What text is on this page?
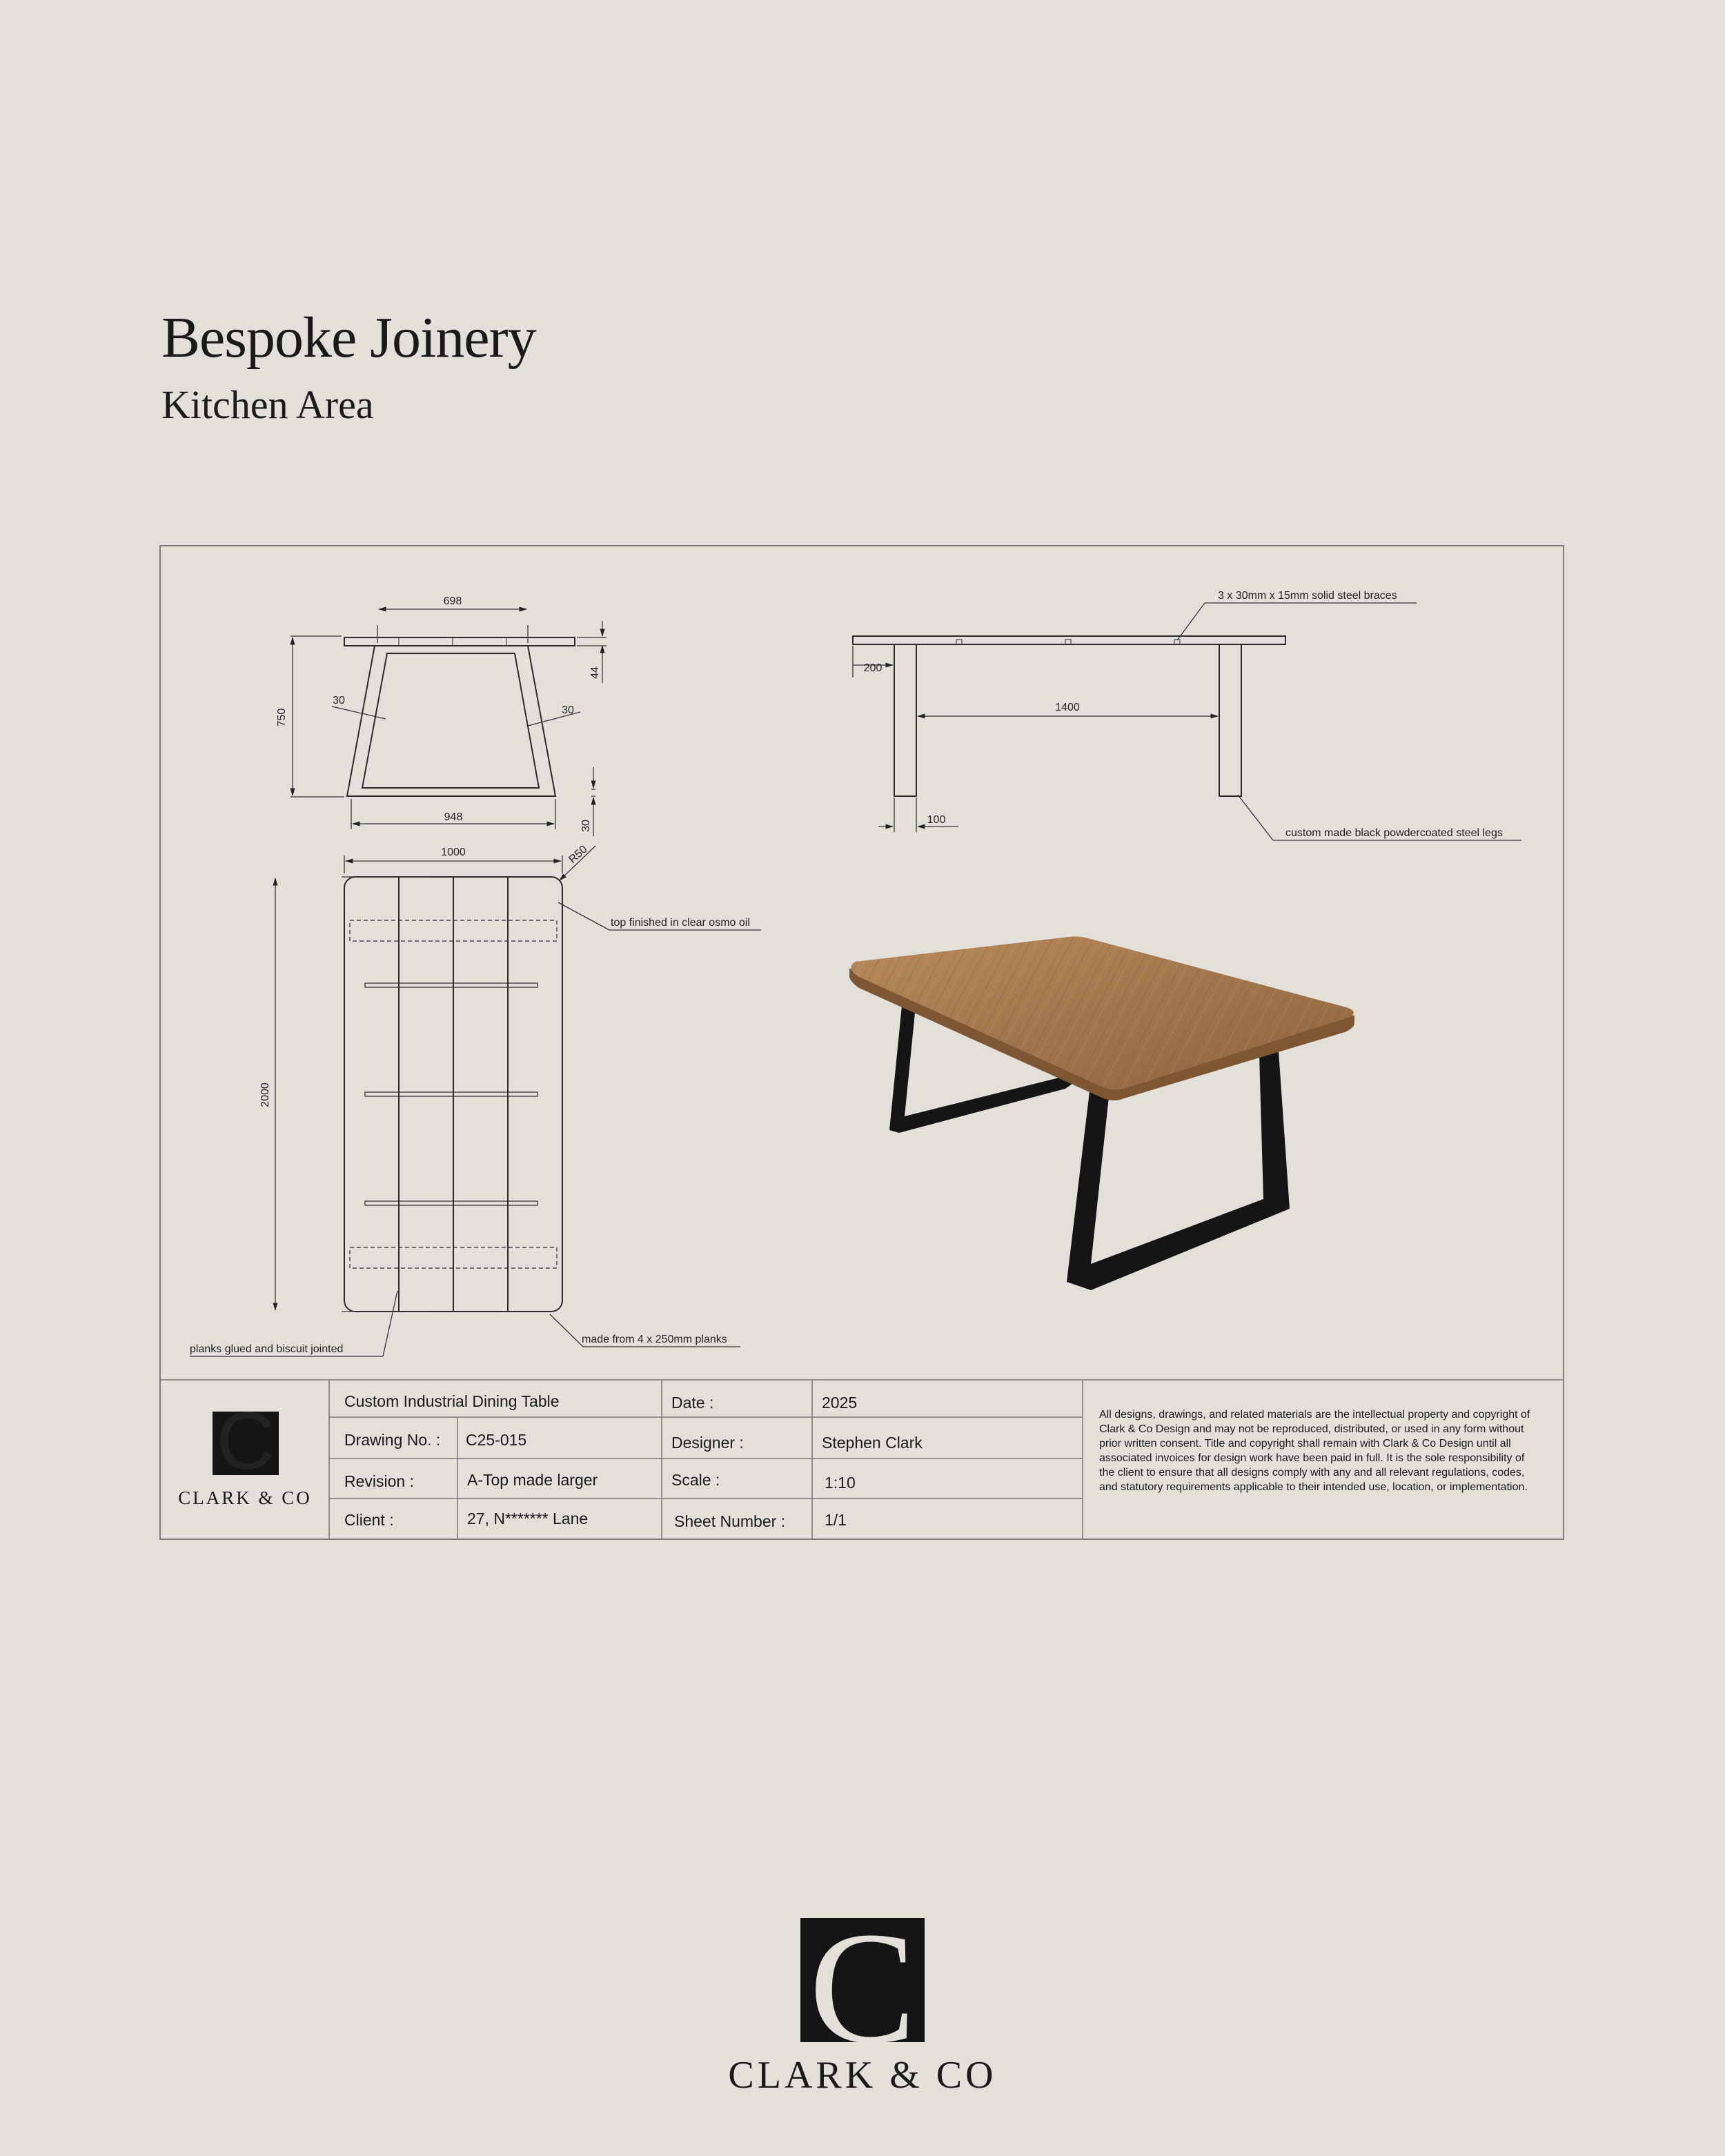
Bespoke Joinery
Kitchen Area
698
750
44
30
30
948
30
200
1400
100
3 x 30mm x 15mm solid steel braces
custom made black powdercoated steel legs
1000
2000
R50
top finished in clear osmo oil
made from 4 x 250mm planks
planks glued and biscuit jointed
C	Custom Industrial Dining Table	Date :	2025
Drawing No. : C25-015	Designer :	Stephen Clark
Revision :	A-Top made larger	Scale :	1:10
Client :	27, N******* Lane	Sheet Number : 1/1

All designs, drawings, and related materials are the intellectual property and copyright of Clark & Co Design and may not be reproduced, distributed, or used in any form without prior written consent. Title and copyright shall remain with Clark & Co Design until all associated invoices for design work have been paid in full. It is the sole responsibility of the client to ensure that all designs comply with any and all relevant regulations, codes, and statutory requirements applicable to their intended use, location, or implementation.

CLARK & CO
C
CLARK & CO
